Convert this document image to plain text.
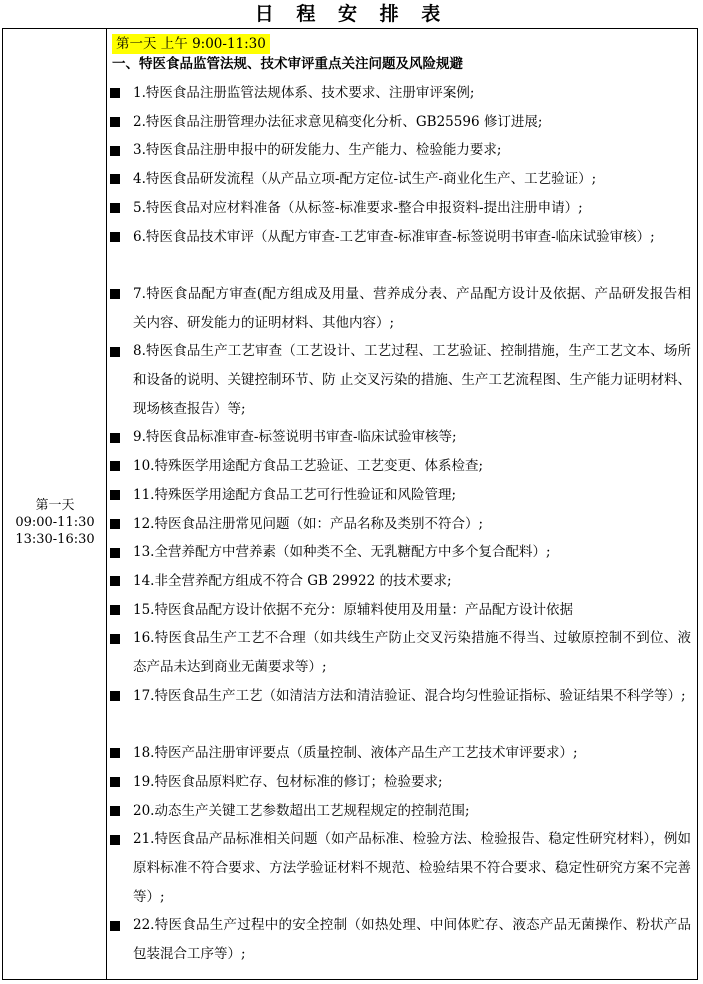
日 程 安 排 表
第一天
09:00-11:30
13:30-16:30
第一天 上午 9:00-11:30
一、特医食品监管法规、技术审评重点关注问题及风险规避
1.特医食品注册监管法规体系、技术要求、注册审评案例;
2.特医食品注册管理办法征求意见稿变化分析、GB25596 修订进展;
3.特医食品注册申报中的研发能力、生产能力、检验能力要求;
4.特医食品研发流程（从产品立项-配方定位-试生产-商业化生产、工艺验证）;
5.特医食品对应材料准备（从标签-标准要求-整合申报资料-提出注册申请）;
6.特医食品技术审评（从配方审查-工艺审查-标准审查-标签说明书审查-临床试验审核）;
7.特医食品配方审查(配方组成及用量、营养成分表、产品配方设计及依据、产品研发报告相关内容、研发能力的证明材料、其他内容）;
8.特医食品生产工艺审查（工艺设计、工艺过程、工艺验证、控制措施，生产工艺文本、场所和设备的说明、关键控制环节、防 止交叉污染的措施、生产工艺流程图、生产能力证明材料、现场核查报告）等;
9.特医食品标准审查-标签说明书审查-临床试验审核等;
10.特殊医学用途配方食品工艺验证、工艺变更、体系检查;
11.特殊医学用途配方食品工艺可行性验证和风险管理;
12.特医食品注册常见问题（如：产品名称及类别不符合）;
13.全营养配方中营养素（如种类不全、无乳糖配方中多个复合配料）;
14.非全营养配方组成不符合 GB 29922 的技术要求;
15.特医食品配方设计依据不充分：原辅料使用及用量：产品配方设计依据
16.特医食品生产工艺不合理（如共线生产防止交叉污染措施不得当、过敏原控制不到位、液态产品未达到商业无菌要求等）;
17.特医食品生产工艺（如清洁方法和清洁验证、混合均匀性验证指标、验证结果不科学等）;
18.特医产品注册审评要点（质量控制、液体产品生产工艺技术审评要求）;
19.特医食品原料贮存、包材标准的修订；检验要求;
20.动态生产关键工艺参数超出工艺规程规定的控制范围;
21.特医食品产品标准相关问题（如产品标准、检验方法、检验报告、稳定性研究材料），例如原料标准不符合要求、方法学验证材料不规范、检验结果不符合要求、稳定性研究方案不完善等）;
22.特医食品生产过程中的安全控制（如热处理、中间体贮存、液态产品无菌操作、粉状产品包装混合工序等）;
